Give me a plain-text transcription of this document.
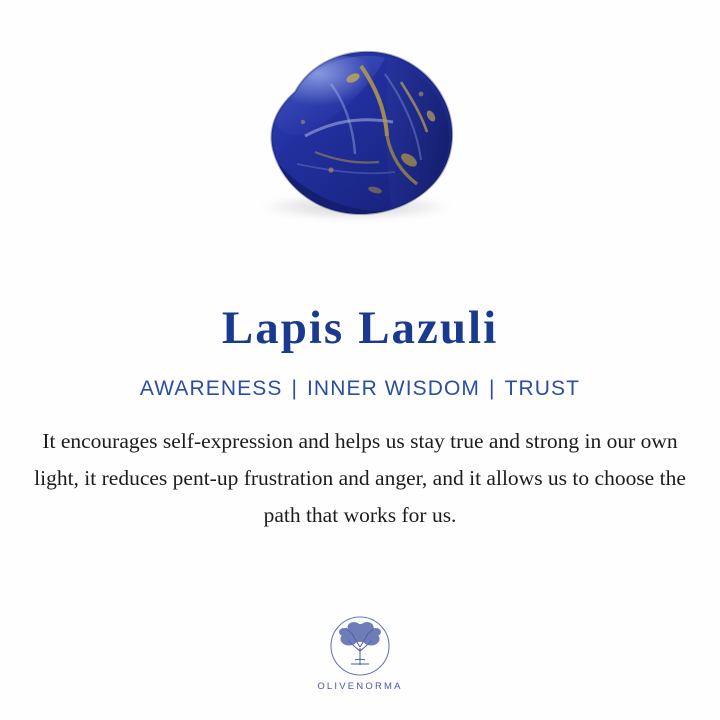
Lapis Lazuli
AWARENESS | INNER WISDOM | TRUST

It encourages self-expression and helps us stay true and strong in our own light, it reduces pent-up frustration and anger, and it allows us to choose the path that works for us.

OLIVENORMA
